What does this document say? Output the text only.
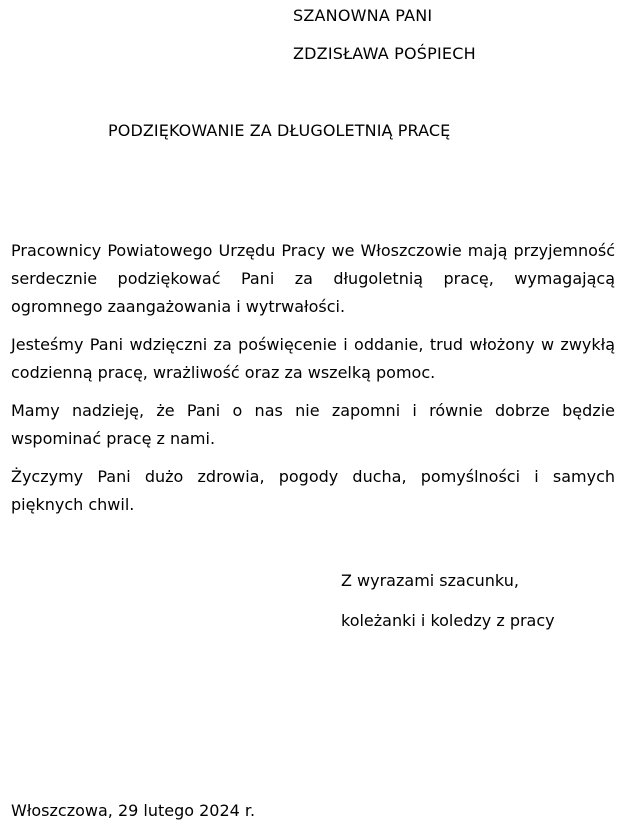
SZANOWNA PANI
ZDZISŁAWA POŚPIECH
PODZIĘKOWANIE ZA DŁUGOLETNIĄ PRACĘ

Pracownicy Powiatowego Urzędu Pracy we Włoszczowie mają przyjemność serdecznie podziękować Pani za długoletnią pracę, wymagającą ogromnego zaangażowania i wytrwałości.

Jesteśmy Pani wdzięczni za poświęcenie i oddanie, trud włożony w zwykłą codzienną pracę, wrażliwość oraz za wszelką pomoc.

Mamy nadzieję, że Pani o nas nie zapomni i równie dobrze będzie wspominać pracę z nami.

Życzymy Pani dużo zdrowia, pogody ducha, pomyślności i samych pięknych chwil.

Z wyrazami szacunku,
koleżanki i koledzy z pracy
Włoszczowa, 29 lutego 2024 r.
